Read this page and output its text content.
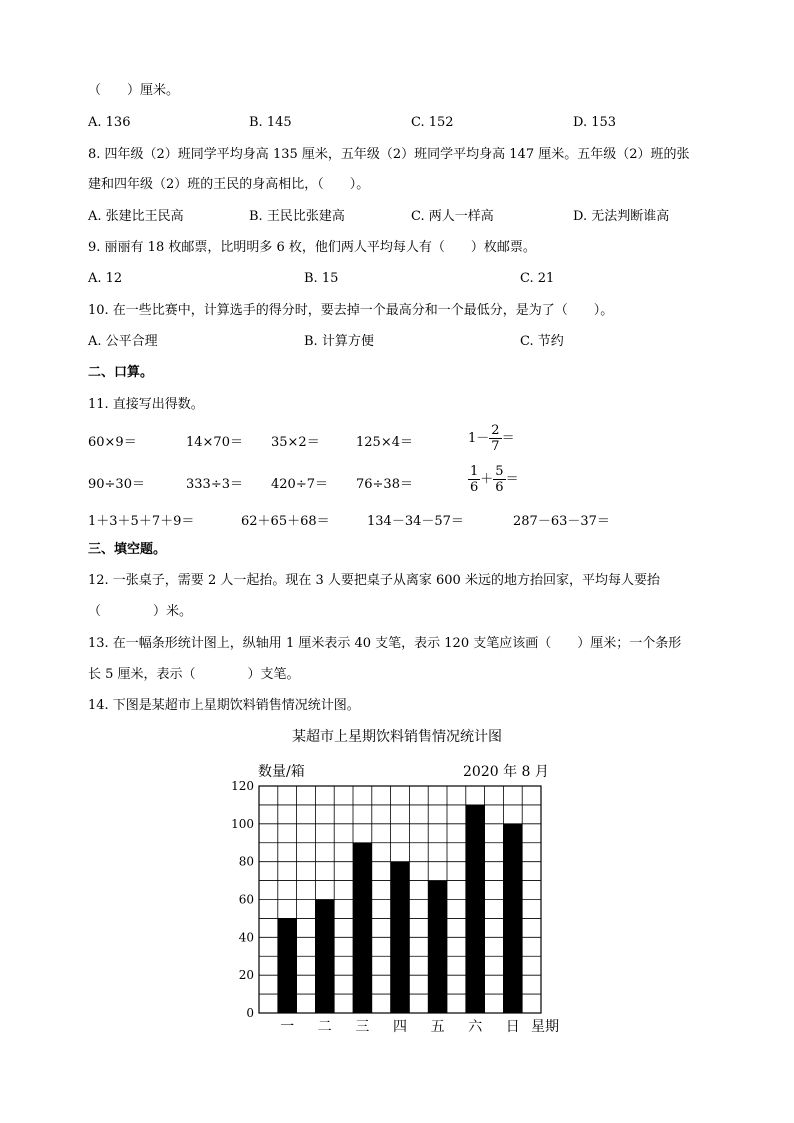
（　　）厘米。
A. 136	B. 145	C. 152	D. 153
8. 四年级（2）班同学平均身高 135 厘米，五年级（2）班同学平均身高 147 厘米。五年级（2）班的张
建和四年级（2）班的王民的身高相比，（　　）。
A. 张建比王民高	B. 王民比张建高	C. 两人一样高	D. 无法判断谁高
9. 丽丽有 18 枚邮票，比明明多 6 枚，他们两人平均每人有（　　）枚邮票。
A. 12	B. 15	C. 21
10. 在一些比赛中，计算选手的得分时，要去掉一个最高分和一个最低分，是为了（　　）。
A. 公平合理	B. 计算方便	C. 节约
二、口算。
11. 直接写出得数。
60×9＝	14×70＝ 35×2＝	125×4＝	$1- \frac{2}{7}$ ＝
90÷30＝	333÷3＝ 420÷7＝ 76÷38＝	$\frac{1}{6} + \frac{5}{6}$ ＝
1＋3＋5＋7＋9＝	62＋65＋68＝	134－34－57＝	287－63－37＝
三、填空题。
12. 一张桌子，需要 2 人一起抬。现在 3 人要把桌子从离家 600 米远的地方抬回家，平均每人要抬
（　　　　）米。
13. 在一幅条形统计图上，纵轴用 1 厘米表示 40 支笔，表示 120 支笔应该画（　　）厘米；一个条形
长 5 厘米，表示（　　　　）支笔。
14. 下图是某超市上星期饮料销售情况统计图。
某超市上星期饮料销售情况统计图
数量/箱	2020 年 8 月
0
20
40
60
80
100
120
一 二 三 四 五 六 日 星期
